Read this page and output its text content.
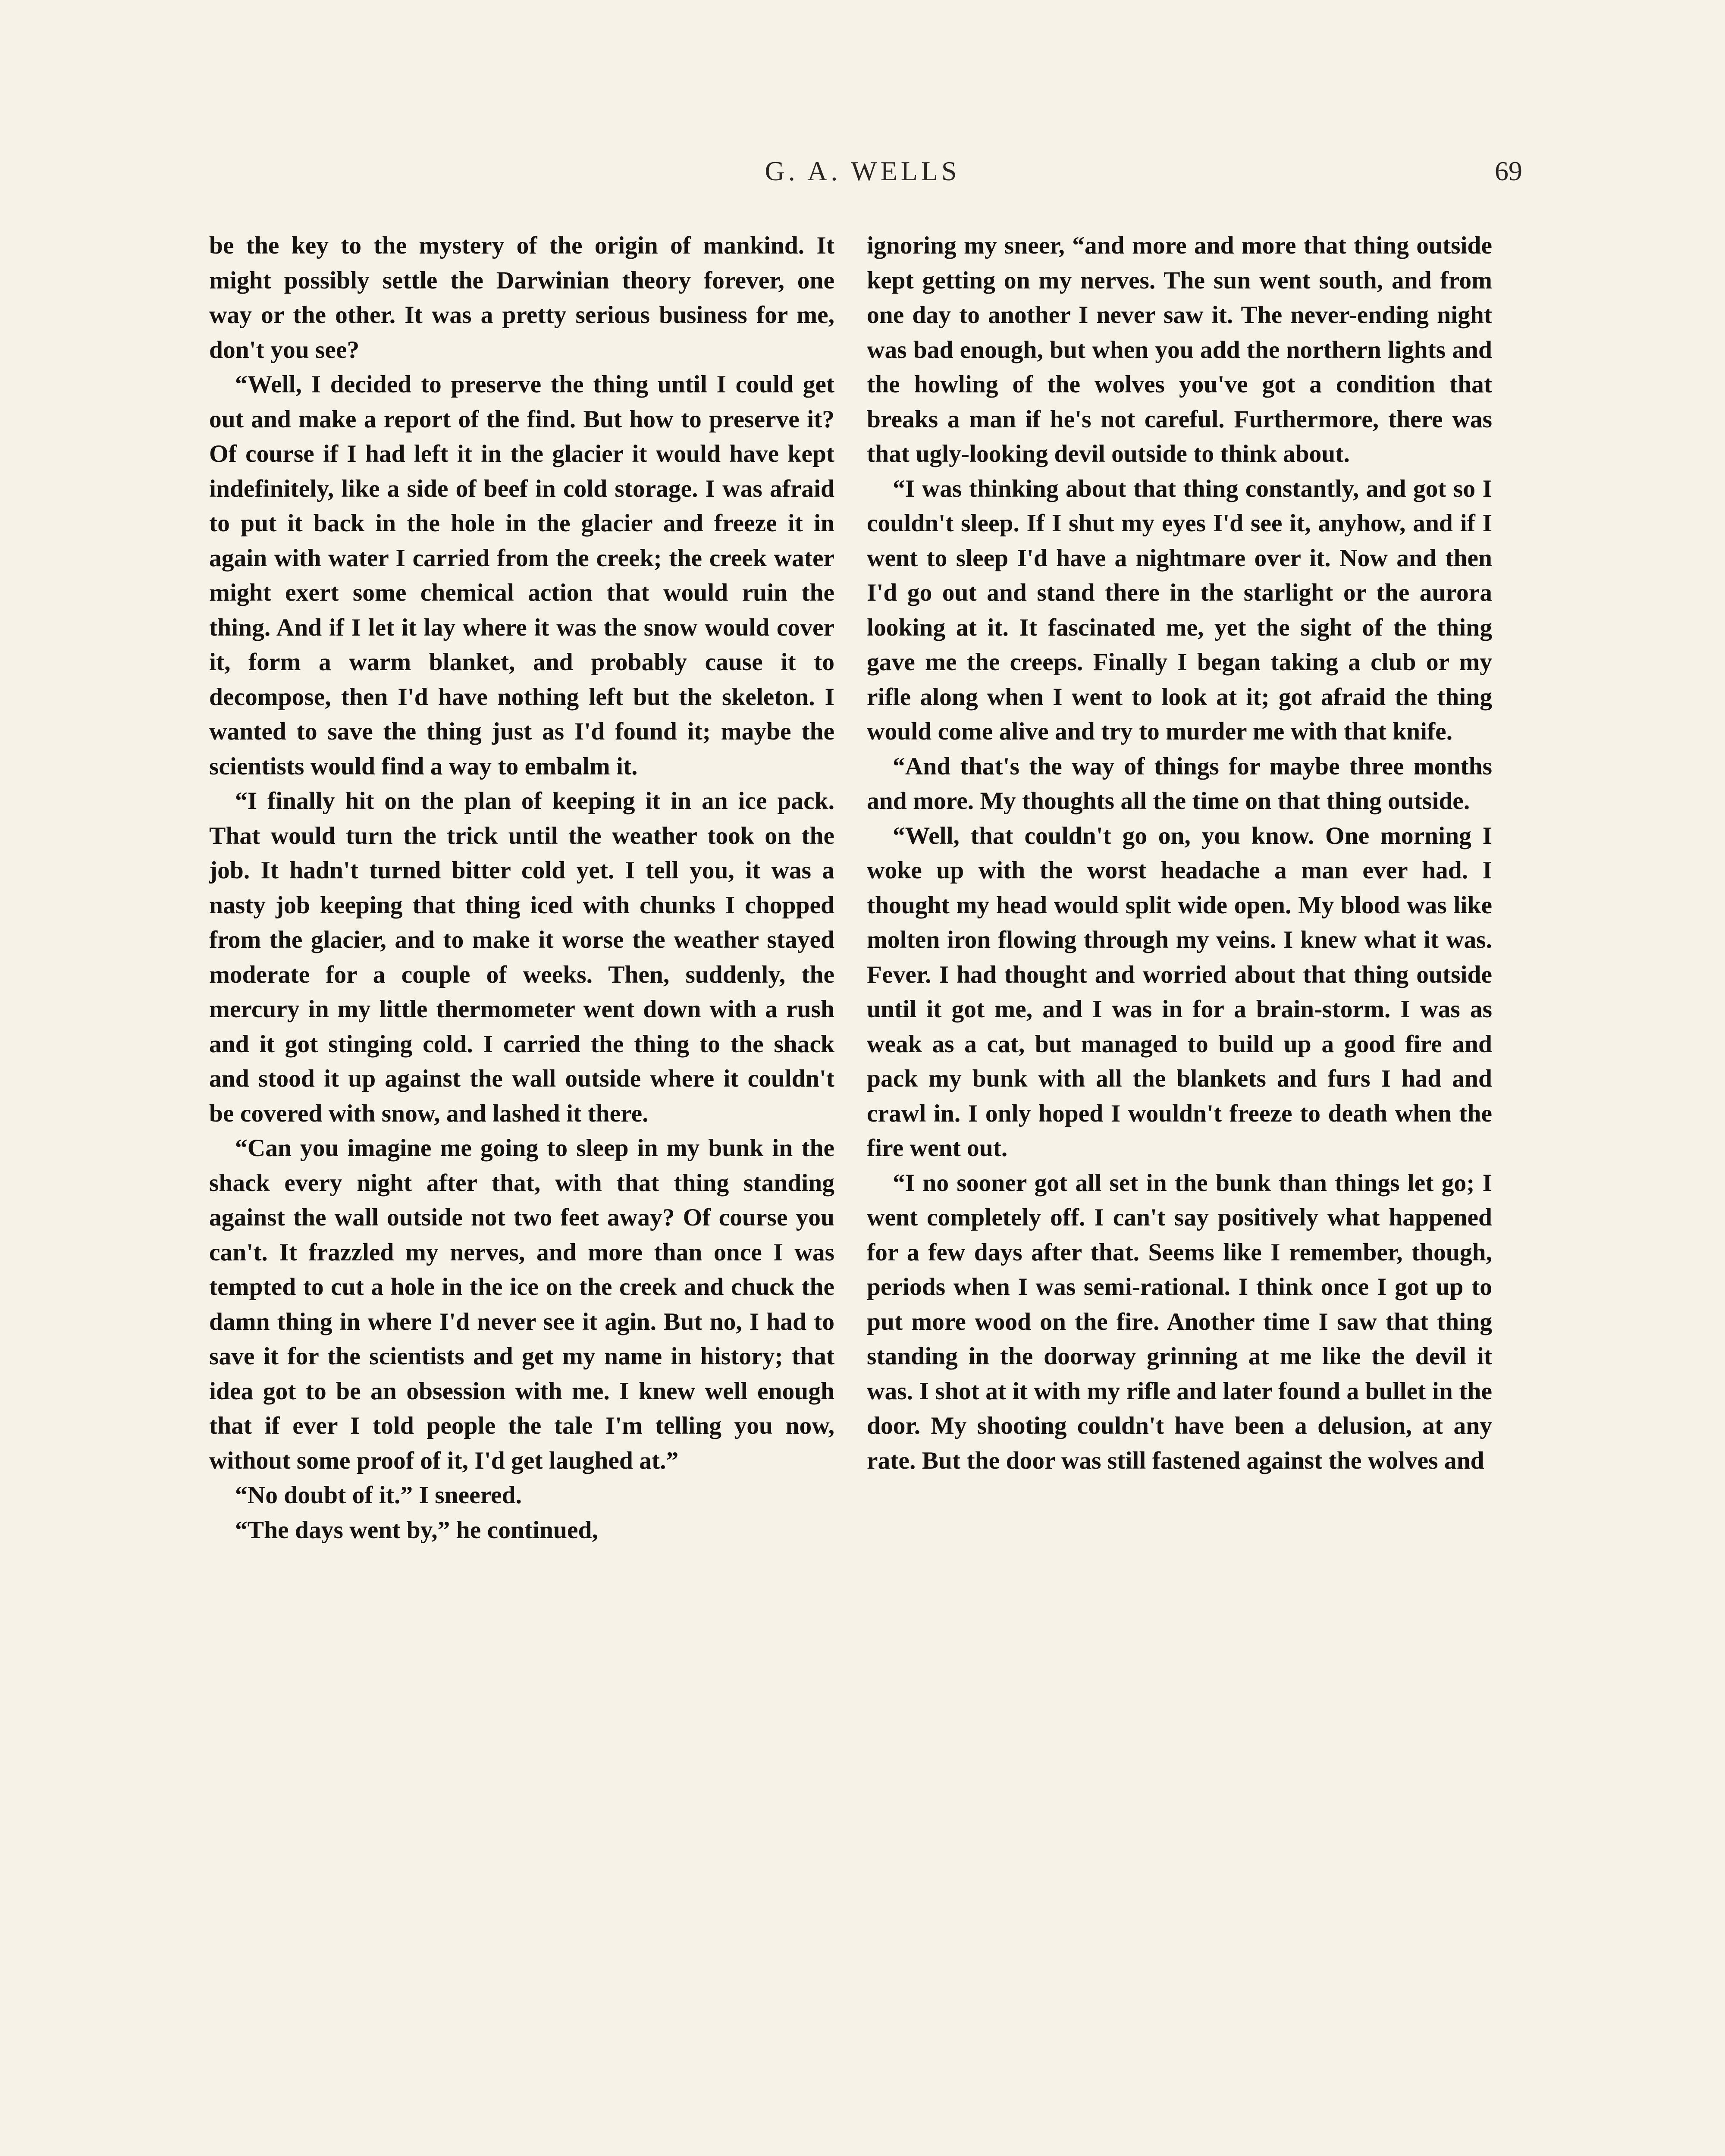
G. A. WELLS	69

be the key to the mystery of the origin of mankind. It might possibly settle the Darwinian theory forever, one way or the other. It was a pretty serious business for me, don't you see?

“Well, I decided to preserve the thing until I could get out and make a report of the find. But how to preserve it? Of course if I had left it in the glacier it would have kept indefinitely, like a side of beef in cold storage. I was afraid to put it back in the hole in the glacier and freeze it in again with water I carried from the creek; the creek water might exert some chemical action that would ruin the thing. And if I let it lay where it was the snow would cover it, form a warm blanket, and probably cause it to decompose, then I'd have nothing left but the skeleton. I wanted to save the thing just as I'd found it; maybe the scientists would find a way to embalm it.

“I finally hit on the plan of keeping it in an ice pack. That would turn the trick until the weather took on the job. It hadn't turned bitter cold yet. I tell you, it was a nasty job keeping that thing iced with chunks I chopped from the glacier, and to make it worse the weather stayed moderate for a couple of weeks. Then, suddenly, the mercury in my little thermometer went down with a rush and it got stinging cold. I carried the thing to the shack and stood it up against the wall outside where it couldn't be covered with snow, and lashed it there.

“Can you imagine me going to sleep in my bunk in the shack every night after that, with that thing standing against the wall outside not two feet away? Of course you can't. It frazzled my nerves, and more than once I was tempted to cut a hole in the ice on the creek and chuck the damn thing in where I'd never see it agin. But no, I had to save it for the scientists and get my name in history; that idea got to be an obsession with me. I knew well enough that if ever I told people the tale I'm telling you now, without some proof of it, I'd get laughed at.”

“No doubt of it.” I sneered.

“The days went by,” he continued,

ignoring my sneer, “and more and more that thing outside kept getting on my nerves. The sun went south, and from one day to another I never saw it. The never-ending night was bad enough, but when you add the northern lights and the howling of the wolves you've got a condition that breaks a man if he's not careful. Furthermore, there was that ugly-looking devil outside to think about.

“I was thinking about that thing constantly, and got so I couldn't sleep. If I shut my eyes I'd see it, anyhow, and if I went to sleep I'd have a nightmare over it. Now and then I'd go out and stand there in the starlight or the aurora looking at it. It fascinated me, yet the sight of the thing gave me the creeps. Finally I began taking a club or my rifle along when I went to look at it; got afraid the thing would come alive and try to murder me with that knife.

“And that's the way of things for maybe three months and more. My thoughts all the time on that thing outside.

“Well, that couldn't go on, you know. One morning I woke up with the worst headache a man ever had. I thought my head would split wide open. My blood was like molten iron flowing through my veins. I knew what it was. Fever. I had thought and worried about that thing outside until it got me, and I was in for a brain-storm. I was as weak as a cat, but managed to build up a good fire and pack my bunk with all the blankets and furs I had and crawl in. I only hoped I wouldn't freeze to death when the fire went out.

“I no sooner got all set in the bunk than things let go; I went completely off. I can't say positively what happened for a few days after that. Seems like I remember, though, periods when I was semi-rational. I think once I got up to put more wood on the fire. Another time I saw that thing standing in the doorway grinning at me like the devil it was. I shot at it with my rifle and later found a bullet in the door. My shooting couldn't have been a delusion, at any rate. But the door was still fastened against the wolves and
